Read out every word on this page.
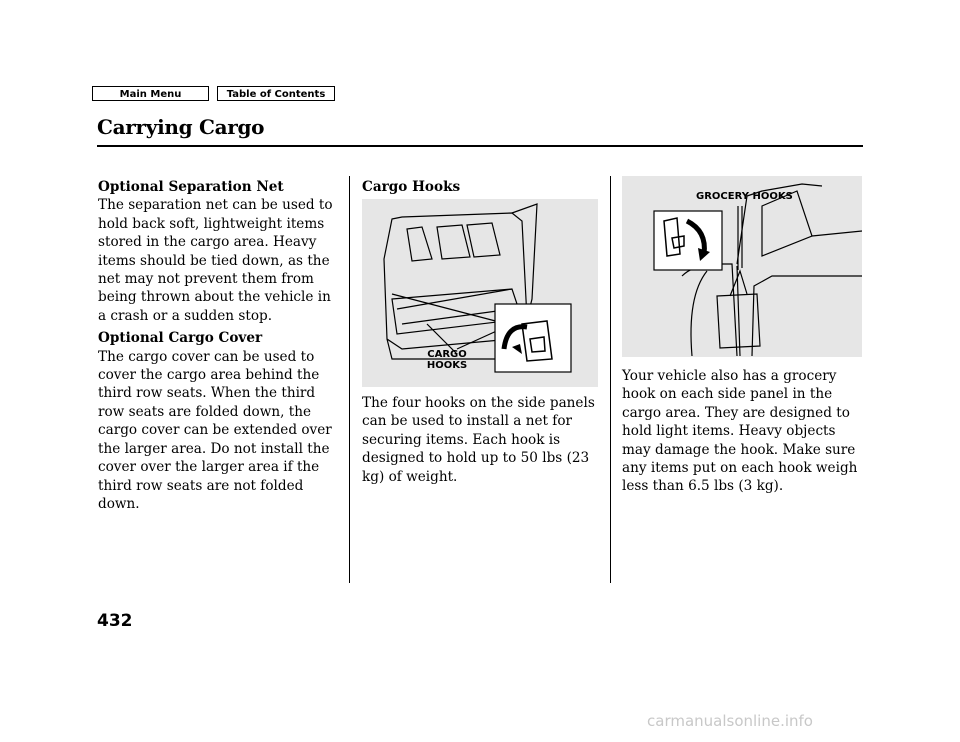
Main Menu	Table of Contents
Carrying Cargo
Optional Separation Net

The separation net can be used to hold back soft, lightweight items stored in the cargo area. Heavy items should be tied down, as the net may not prevent them from being thrown about the vehicle in a crash or a sudden stop.

Optional Cargo Cover

The cargo cover can be used to cover the cargo area behind the third row seats. When the third row seats are folded down, the cargo cover can be extended over the larger area. Do not install the cover over the larger area if the third row seats are not folded down.

Cargo Hooks
CARGO
HOOKS

The four hooks on the side panels can be used to install a net for securing items. Each hook is designed to hold up to 50 lbs (23 kg) of weight.

GROCERY HOOKS

Your vehicle also has a grocery hook on each side panel in the cargo area. They are designed to hold light items. Heavy objects may damage the hook. Make sure any items put on each hook weigh less than 6.5 lbs (3 kg).

432
carmanualsonline.info
